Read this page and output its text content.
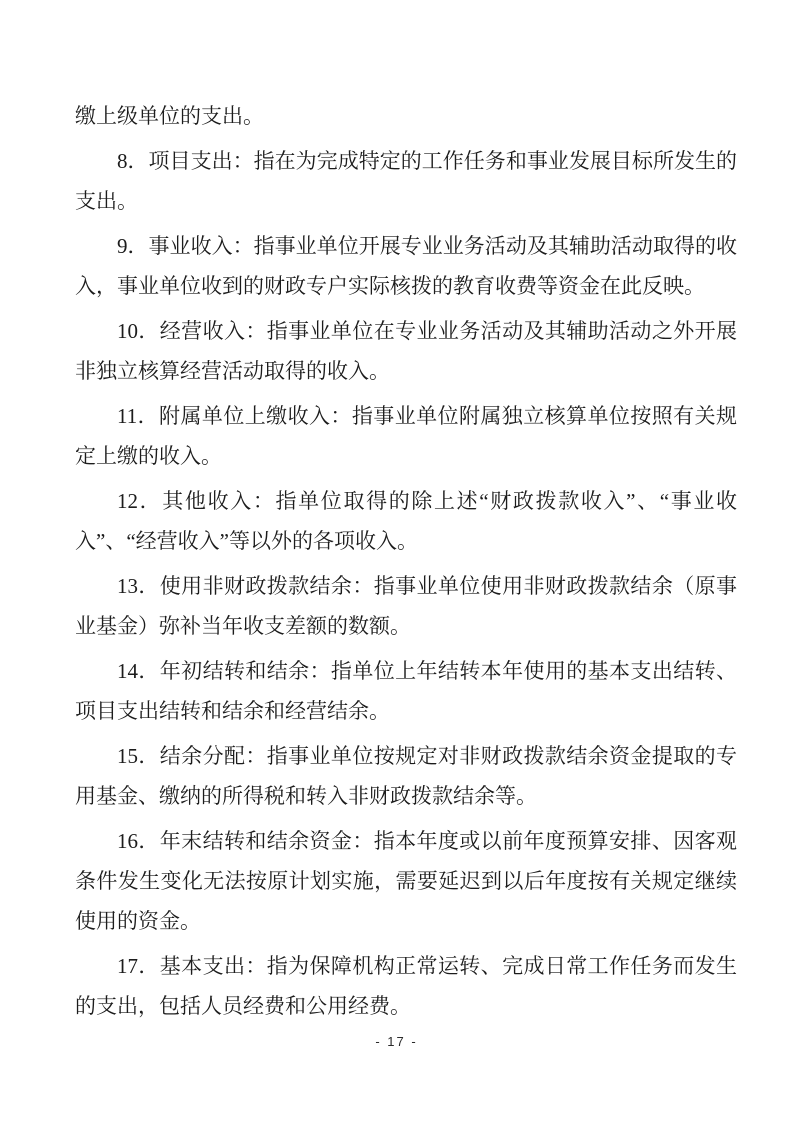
缴上级单位的支出。

8．项目支出：指在为完成特定的工作任务和事业发展目标所发生的支出。

9．事业收入：指事业单位开展专业业务活动及其辅助活动取得的收入，事业单位收到的财政专户实际核拨的教育收费等资金在此反映。

10．经营收入：指事业单位在专业业务活动及其辅助活动之外开展非独立核算经营活动取得的收入。

11．附属单位上缴收入：指事业单位附属独立核算单位按照有关规定上缴的收入。

12．其他收入：指单位取得的除上述“财政拨款收入”、“事业收入”、“经营收入”等以外的各项收入。

13．使用非财政拨款结余：指事业单位使用非财政拨款结余（原事业基金）弥补当年收支差额的数额。

14．年初结转和结余：指单位上年结转本年使用的基本支出结转、项目支出结转和结余和经营结余。

15．结余分配：指事业单位按规定对非财政拨款结余资金提取的专用基金、缴纳的所得税和转入非财政拨款结余等。

16．年末结转和结余资金：指本年度或以前年度预算安排、因客观条件发生变化无法按原计划实施，需要延迟到以后年度按有关规定继续使用的资金。

17．基本支出：指为保障机构正常运转、完成日常工作任务而发生的支出，包括人员经费和公用经费。

- 17 -
